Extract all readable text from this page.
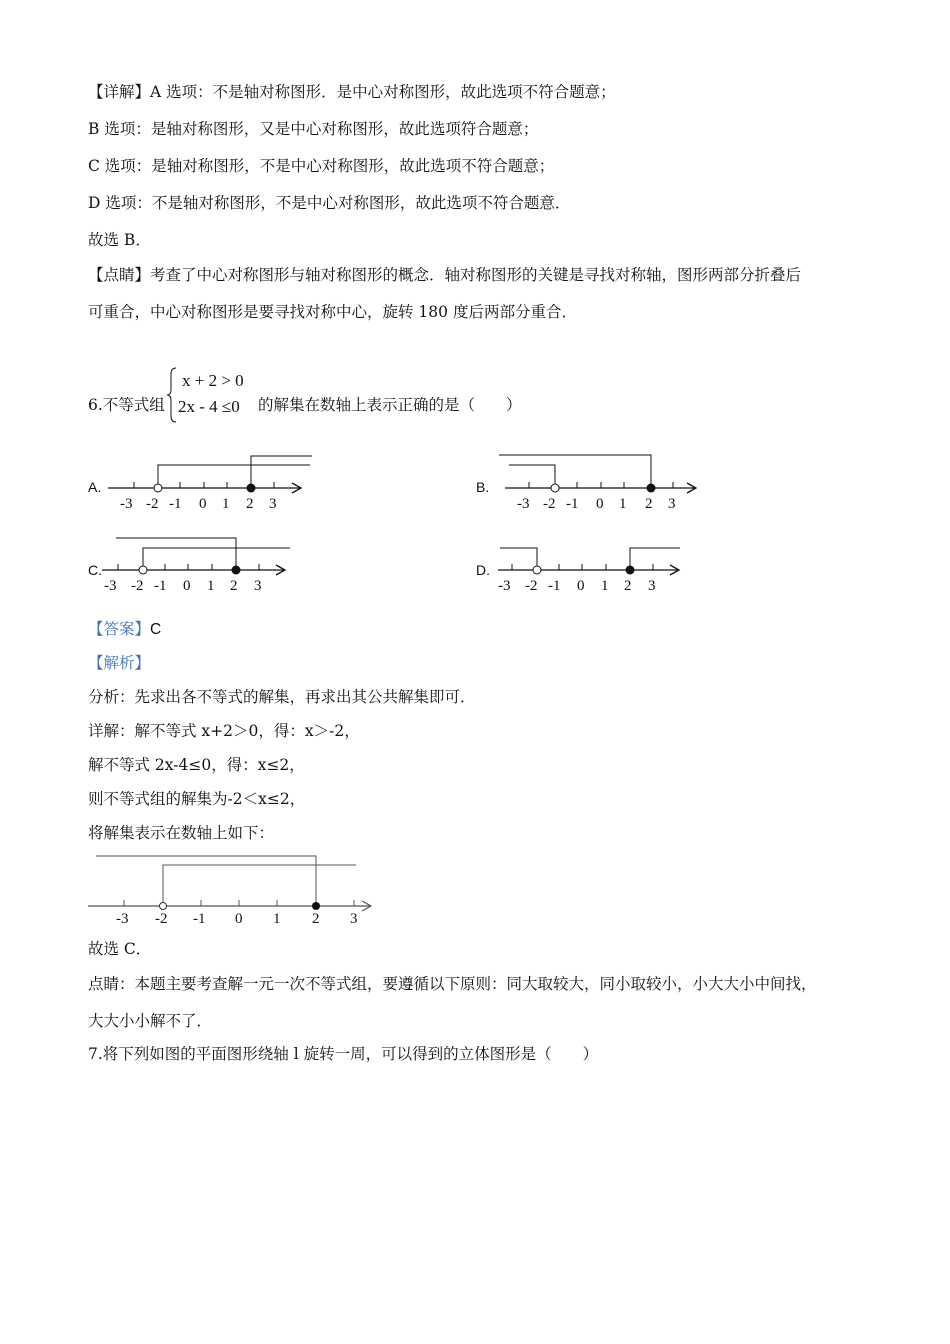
【详解】A 选项：不是轴对称图形．是中心对称图形，故此选项不符合题意；
B 选项：是轴对称图形，又是中心对称图形，故此选项符合题意；
C 选项：是轴对称图形，不是中心对称图形，故此选项不符合题意；
D 选项：不是轴对称图形，不是中心对称图形，故此选项不符合题意．
故选 B．
【点睛】考查了中心对称图形与轴对称图形的概念．轴对称图形的关键是寻找对称轴，图形两部分折叠后
可重合，中心对称图形是要寻找对称中心，旋转 180 度后两部分重合．
6.不等式组
x + 2 > 0
2x - 4 ≤0 的解集在数轴上表示正确的是（　　）
A.	B.
C.	D.
-3 -2 -1 0 1 2 3	-3 -2 -1 0 1 2 3
-3 -2 -1 0 1 2 3	-3 -2 -1 0 1 2 3
【答案】C
【解析】
分析：先求出各不等式的解集，再求出其公共解集即可．
详解：解不等式 x+2＞0，得：x＞-2，
解不等式 2x-4≤0，得：x≤2，
则不等式组的解集为-2＜x≤2，
将解集表示在数轴上如下：
-3 -2 -1 0 1 2 3
故选 C．
点睛：本题主要考查解一元一次不等式组，要遵循以下原则：同大取较大，同小取较小，小大大小中间找，
大大小小解不了．
7.将下列如图的平面图形绕轴 l 旋转一周，可以得到的立体图形是（　　）
